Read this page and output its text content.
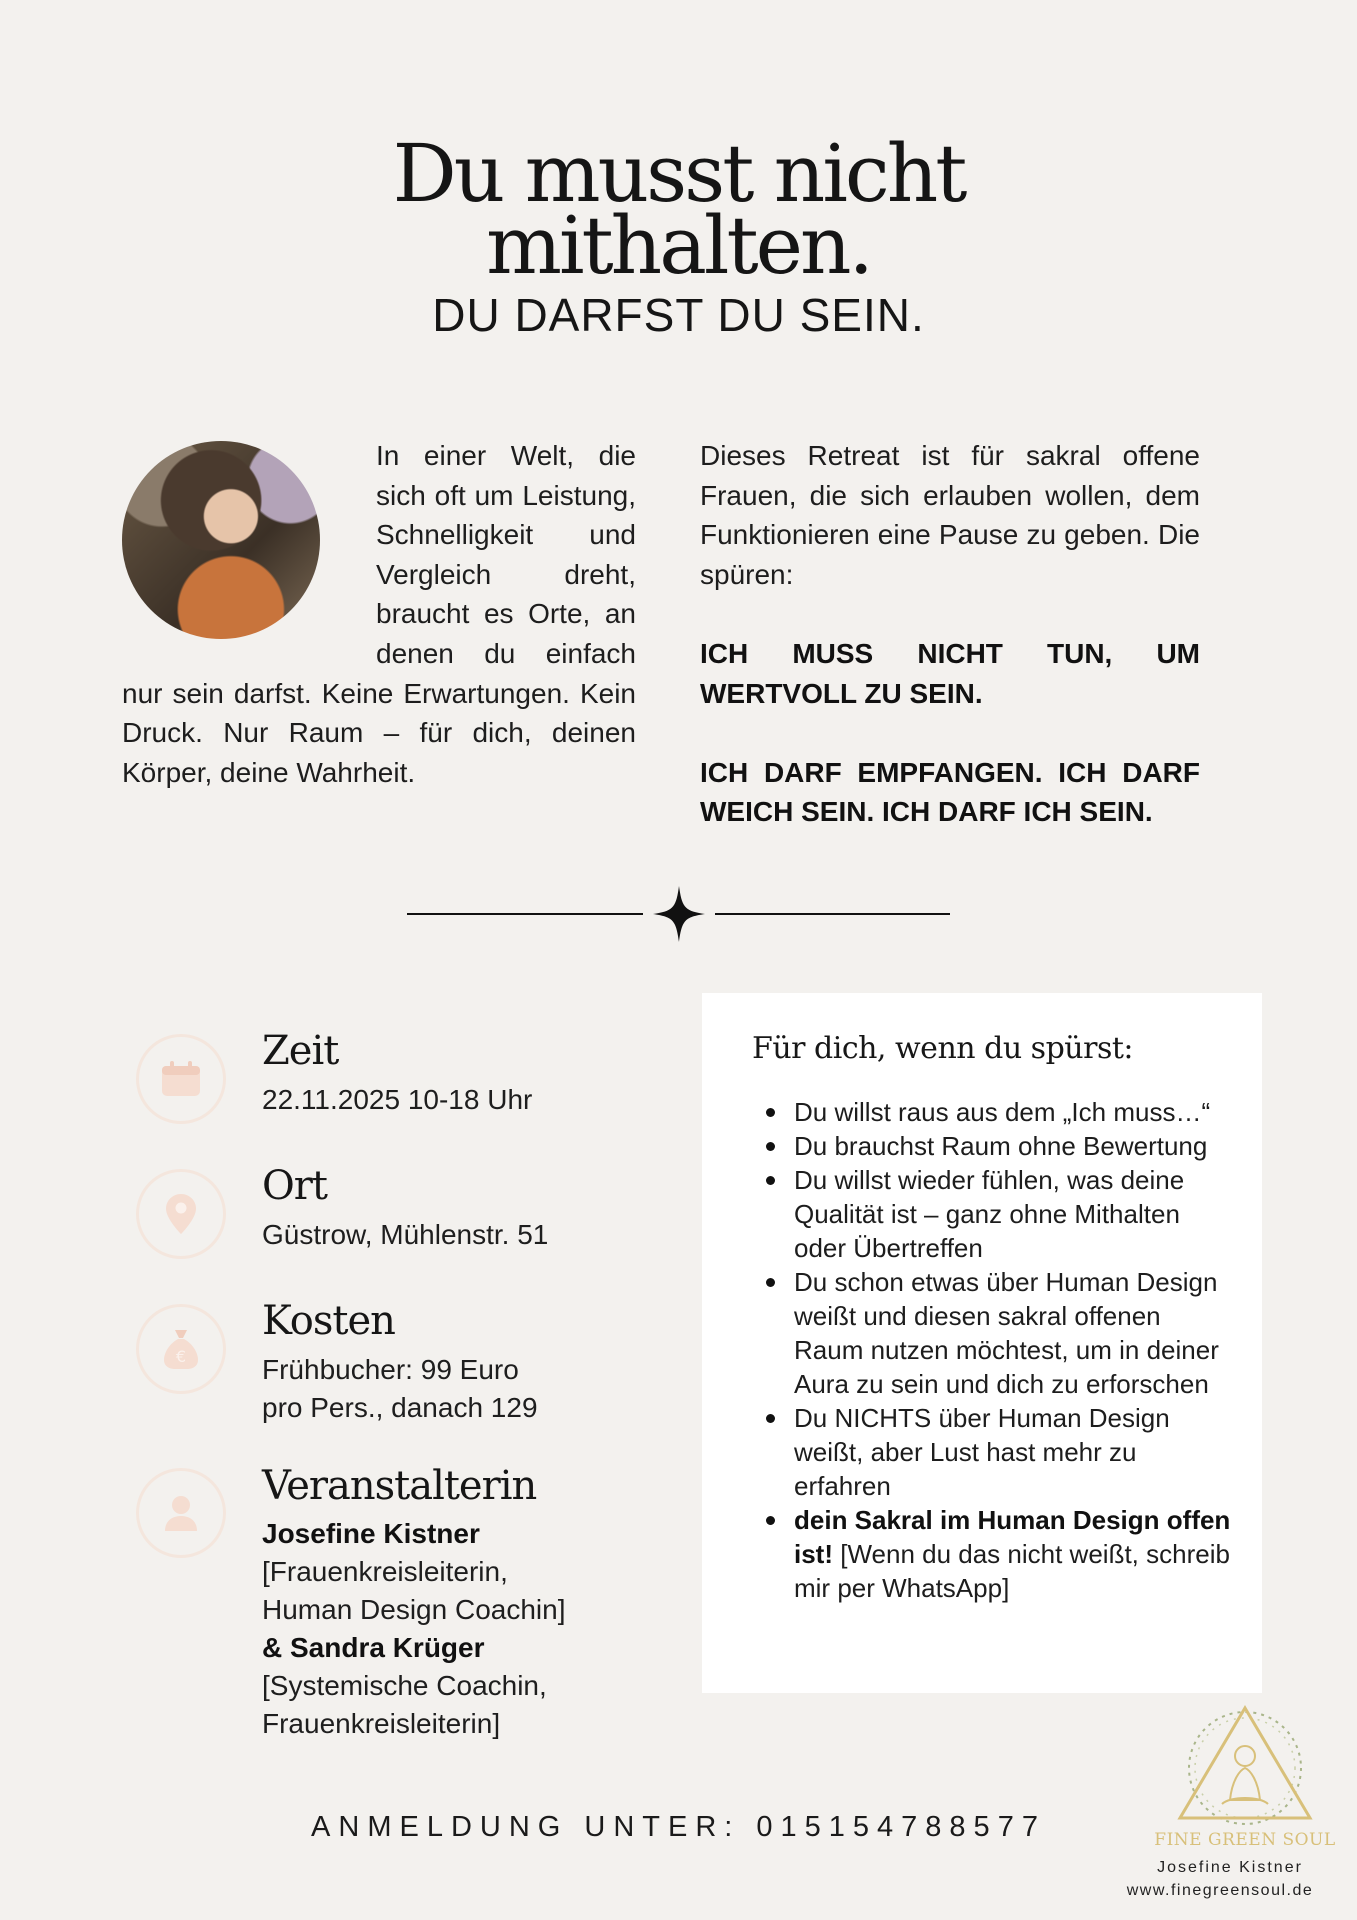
Du musst nicht
mithalten.
DU DARFST DU SEIN.
In einer Welt, die sich oft um Leistung, Schnelligkeit und Vergleich dreht, braucht es Orte, an denen du einfach nur sein darfst. Keine Erwartungen. Kein Druck. Nur Raum – für dich, deinen Körper, deine Wahrheit.

Dieses Retreat ist für sakral offene Frauen, die sich erlauben wollen, dem Funktionieren eine Pause zu geben. Die spüren:

ICH MUSS NICHT TUN, UM WERTVOLL ZU SEIN.

ICH DARF EMPFANGEN. ICH DARF WEICH SEIN. ICH DARF ICH SEIN.

Zeit
22.11.2025 10-18 Uhr
Ort
Güstrow, Mühlenstr. 51
€
Kosten
Frühbucher: 99 Euro
pro Pers., danach 129
Veranstalterin
Josefine Kistner
[Frauenkreisleiterin,
Human Design Coachin]
& Sandra Krüger
[Systemische Coachin,
Frauenkreisleiterin]
Für dich, wenn du spürst:
Du willst raus aus dem „Ich muss…“
Du brauchst Raum ohne Bewertung
Du willst wieder fühlen, was deine Qualität ist – ganz ohne Mithalten oder Übertreffen
Du schon etwas über Human Design weißt und diesen sakral offenen Raum nutzen möchtest, um in deiner Aura zu sein und dich zu erforschen
Du NICHTS über Human Design weißt, aber Lust hast mehr zu erfahren
dein Sakral im Human Design offen ist! [Wenn du das nicht weißt, schreib mir per WhatsApp]
ANMELDUNG UNTER: 015154788577	FINE GREEN SOUL
Josefine Kistner
www.finegreensoul.de
